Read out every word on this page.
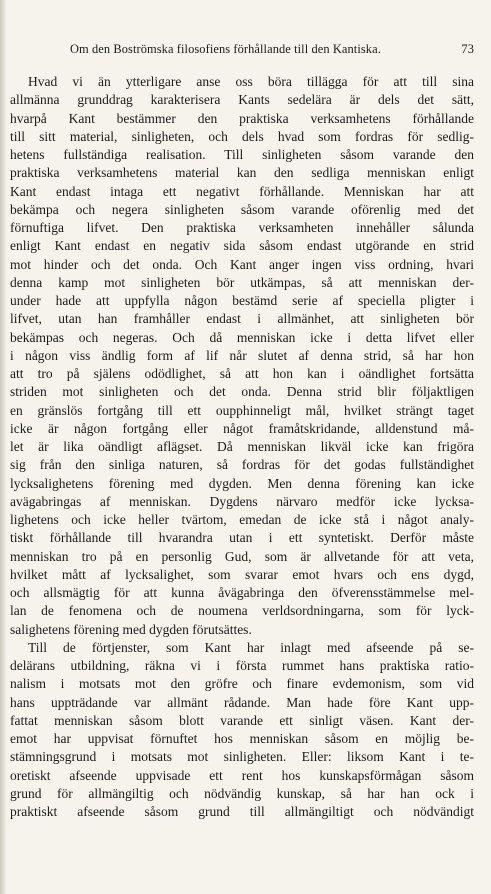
Om den Boströmska filosofiens förhållande till den Kantiska.	73
Hvad vi än ytterligare anse oss böra tillägga för att till sina
allmänna grunddrag karakterisera Kants sedelära är dels det sätt,
hvarpå Kant bestämmer den praktiska verksamhetens förhållande
till sitt material, sinligheten, och dels hvad som fordras för sedlig-
hetens fullständiga realisation. Till sinligheten såsom varande den
praktiska verksamhetens material kan den sedliga menniskan enligt
Kant endast intaga ett negativt förhållande. Menniskan har att
bekämpa och negera sinligheten såsom varande oförenlig med det
förnuftiga lifvet. Den praktiska verksamheten innehåller sålunda
enligt Kant endast en negativ sida såsom endast utgörande en strid
mot hinder och det onda. Och Kant anger ingen viss ordning, hvari
denna kamp mot sinligheten bör utkämpas, så att menniskan der-
under hade att uppfylla någon bestämd serie af speciella pligter i
lifvet, utan han framhåller endast i allmänhet, att sinligheten bör
bekämpas och negeras. Och då menniskan icke i detta lifvet eller
i någon viss ändlig form af lif når slutet af denna strid, så har hon
att tro på själens odödlighet, så att hon kan i oändlighet fortsätta
striden mot sinligheten och det onda. Denna strid blir följaktligen
en gränslös fortgång till ett oupphinneligt mål, hvilket strängt taget
icke är någon fortgång eller något framåtskridande, alldenstund må-
let är lika oändligt aflägset. Då menniskan likväl icke kan frigöra
sig från den sinliga naturen, så fordras för det godas fullständighet
lycksalighetens förening med dygden. Men denna förening kan icke
avägabringas af menniskan. Dygdens närvaro medför icke lycksa-
lighetens och icke heller tvärtom, emedan de icke stå i något analy-
tiskt förhållande till hvarandra utan i ett syntetiskt. Derför måste
menniskan tro på en personlig Gud, som är allvetande för att veta,
hvilket mått af lycksalighet, som svarar emot hvars och ens dygd,
och allsmägtig för att kunna åvägabringa den öfverensstämmelse mel-
lan de fenomena och de noumena verldsordningarna, som för lyck-
salighetens förening med dygden förutsättes.
Till de förtjenster, som Kant har inlagt med afseende på se-
delärans utbildning, räkna vi i första rummet hans praktiska ratio-
nalism i motsats mot den gröfre och finare evdemonism, som vid
hans uppträdande var allmänt rådande. Man hade före Kant upp-
fattat menniskan såsom blott varande ett sinligt väsen. Kant der-
emot har uppvisat förnuftet hos menniskan såsom en möjlig be-
stämningsgrund i motsats mot sinligheten. Eller: liksom Kant i te-
oretiskt afseende uppvisade ett rent hos kunskapsförmågan såsom
grund för allmängiltig och nödvändig kunskap, så har han ock i
praktiskt afseende såsom grund till allmängiltigt och nödvändigt
